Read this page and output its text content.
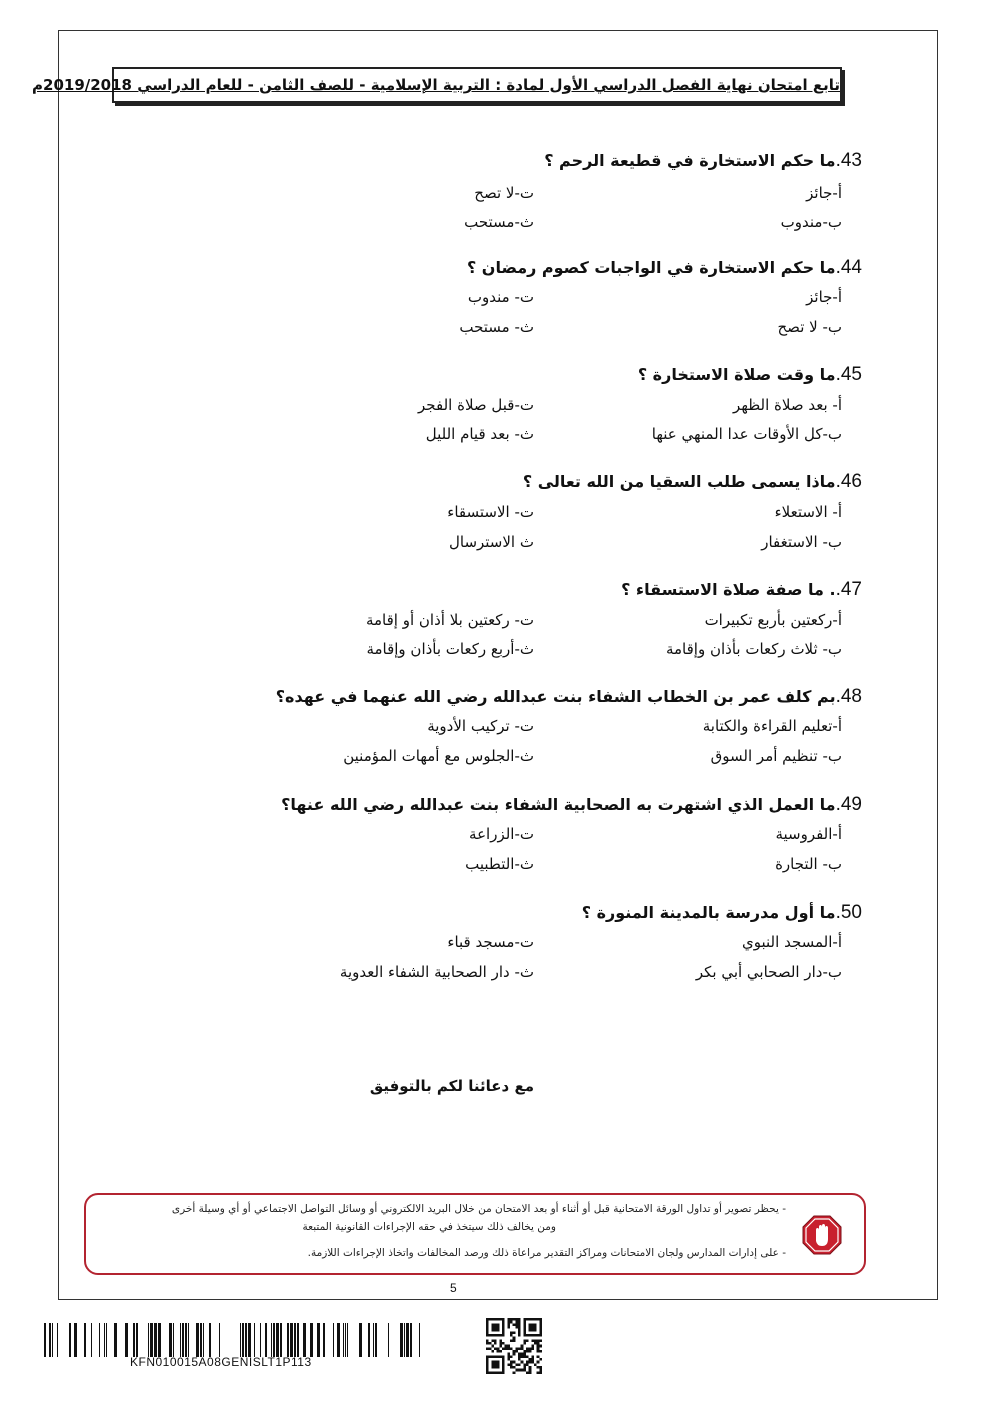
تابع امتحان نهاية الفصل الدراسي الأول لمادة : التربية الإسلامية - للصف الثامن - للعام الدراسي 2019/2018م
43.ما حكم الاستخارة في قطيعة الرحم ؟
أ-جائز
ب-مندوب
ت-لا تصح
ث-مستحب
44.ما حكم الاستخارة في الواجبات كصوم رمضان ؟
أ-جائز
ب- لا تصح
ت- مندوب
ث- مستحب
45.ما وقت صلاة الاستخارة ؟
أ- بعد صلاة الظهر
ب-كل الأوقات عدا المنهي عنها
ت-قبل صلاة الفجر
ث- بعد قيام الليل
46.ماذا يسمى طلب السقيا من الله تعالى ؟
أ- الاستعلاء
ب- الاستغفار
ت- الاستسقاء
ث الاسترسال
47.. ما صفة صلاة الاستسقاء ؟
أ-ركعتين بأربع تكبيرات
ب- ثلاث ركعات بأذان وإقامة
ت- ركعتين بلا أذان أو إقامة
ث-أربع ركعات بأذان وإقامة
48.بم كلف عمر بن الخطاب الشفاء بنت عبدالله رضي الله عنهما في عهده؟
أ-تعليم القراءة والكتابة
ب- تنظيم أمر السوق
ت- تركيب الأدوية
ث-الجلوس مع أمهات المؤمنين
49.ما العمل الذي اشتهرت به الصحابية الشفاء بنت عبدالله رضي الله عنها؟
أ-الفروسية
ب- التجارة
ت-الزراعة
ث-التطبيب
50.ما أول مدرسة بالمدينة المنورة ؟
أ-المسجد النبوي
ب-دار الصحابي أبي بكر
ت-مسجد قباء
ث- دار الصحابية الشفاء العدوية
مع دعائنا لكم بالتوفيق
- يحظر تصوير أو تداول الورقة الامتحانية قبل أو أثناء أو بعد الامتحان من خلال البريد الالكتروني أو وسائل التواصل الاجتماعي أو أي وسيلة أخرى
ومن يخالف ذلك سيتخذ في حقه الإجراءات القانونية المتبعة
- على إدارات المدارس ولجان الامتحانات ومراكز التقدير مراعاة ذلك ورصد المخالفات واتخاذ الإجراءات اللازمة.
5
KFN010015A08GENISLT1P113
